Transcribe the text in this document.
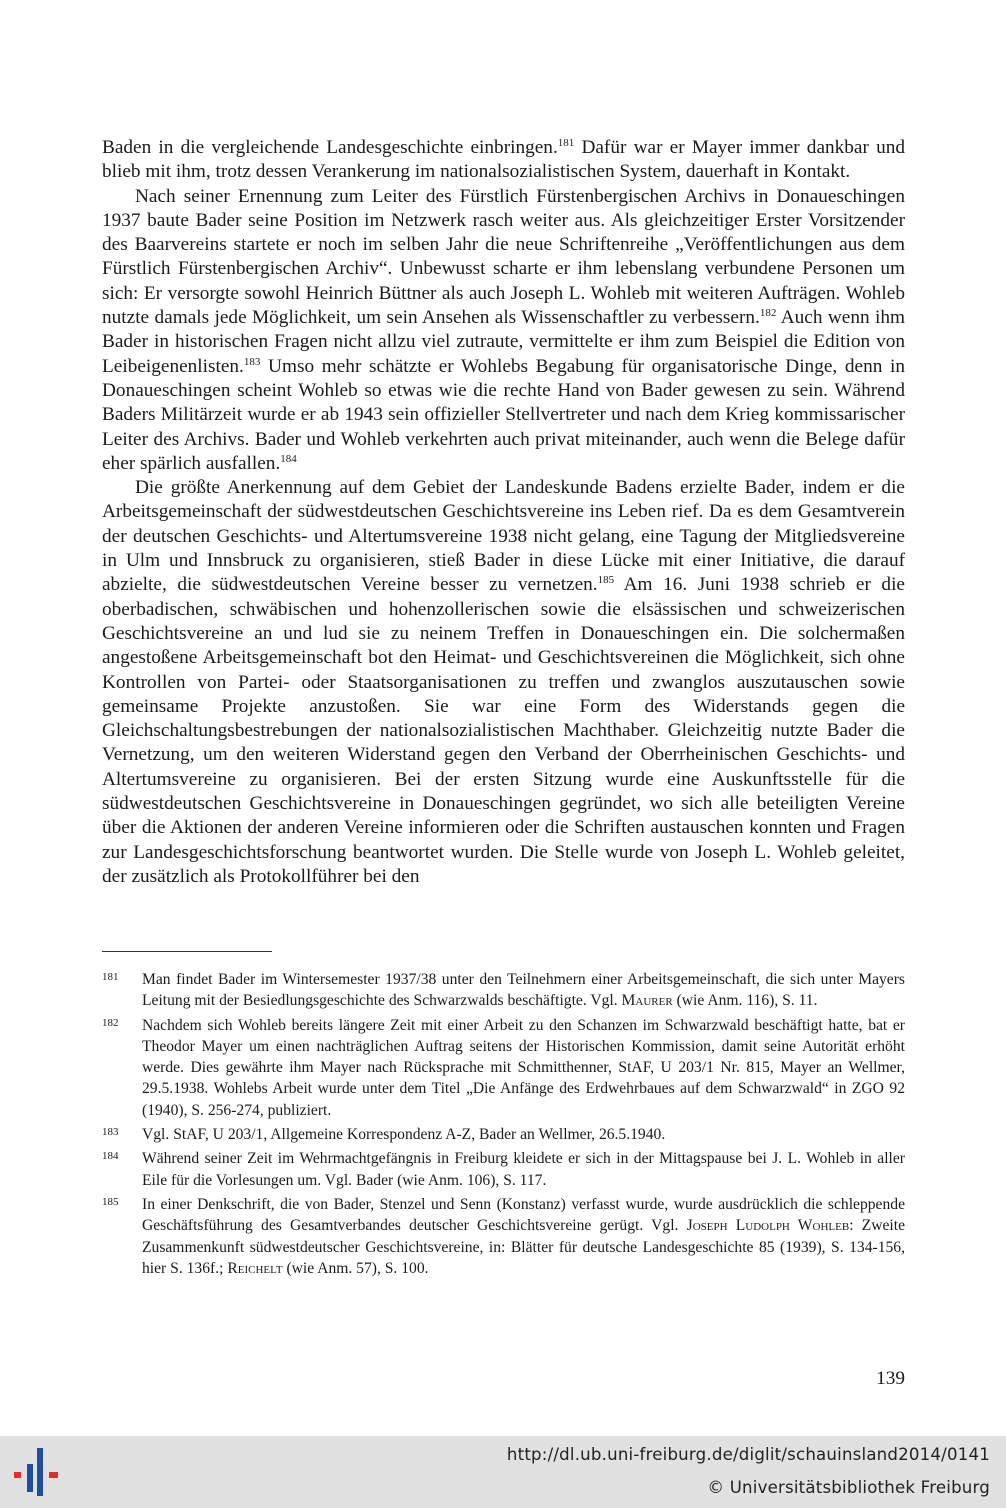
Baden in die vergleichende Landesgeschichte einbringen.$^{181}$ Dafür war er Mayer immer dankbar und blieb mit ihm, trotz dessen Verankerung im nationalsozialistischen System, dauerhaft in Kontakt.

Nach seiner Ernennung zum Leiter des Fürstlich Fürstenbergischen Archivs in Donaueschingen 1937 baute Bader seine Position im Netzwerk rasch weiter aus. Als gleichzeitiger Erster Vorsitzender des Baarvereins startete er noch im selben Jahr die neue Schriftenreihe „Veröffentlichungen aus dem Fürstlich Fürstenbergischen Archiv“. Unbewusst scharte er ihm lebenslang verbundene Personen um sich: Er versorgte sowohl Heinrich Büttner als auch Joseph L. Wohleb mit weiteren Aufträgen. Wohleb nutzte damals jede Möglichkeit, um sein Ansehen als Wissenschaftler zu verbessern.$^{182}$ Auch wenn ihm Bader in historischen Fragen nicht allzu viel zutraute, vermittelte er ihm zum Beispiel die Edition von Leibeigenenlisten.$^{183}$ Umso mehr schätzte er Wohlebs Begabung für organisatorische Dinge, denn in Donaueschingen scheint Wohleb so etwas wie die rechte Hand von Bader gewesen zu sein. Während Baders Militärzeit wurde er ab 1943 sein offizieller Stellvertreter und nach dem Krieg kommissarischer Leiter des Archivs. Bader und Wohleb verkehrten auch privat miteinander, auch wenn die Belege dafür eher spärlich ausfallen.$^{184}$

Die größte Anerkennung auf dem Gebiet der Landeskunde Badens erzielte Bader, indem er die Arbeitsgemeinschaft der südwestdeutschen Geschichtsvereine ins Leben rief. Da es dem Gesamtverein der deutschen Geschichts- und Altertumsvereine 1938 nicht gelang, eine Tagung der Mitgliedsvereine in Ulm und Innsbruck zu organisieren, stieß Bader in diese Lücke mit einer Initiative, die darauf abzielte, die südwestdeutschen Vereine besser zu vernetzen.$^{185}$ Am 16. Juni 1938 schrieb er die oberbadischen, schwäbischen und hohenzollerischen sowie die elsässischen und schweizerischen Geschichtsvereine an und lud sie zu neinem Treffen in Donaueschingen ein. Die solchermaßen angestoßene Arbeitsgemeinschaft bot den Heimat- und Geschichtsvereinen die Möglichkeit, sich ohne Kontrollen von Partei- oder Staatsorganisationen zu treffen und zwanglos auszutauschen sowie gemeinsame Projekte anzustoßen. Sie war eine Form des Widerstands gegen die Gleichschaltungsbestrebungen der nationalsozialistischen Machthaber. Gleichzeitig nutzte Bader die Vernetzung, um den weiteren Widerstand gegen den Verband der Oberrheinischen Geschichts- und Altertumsvereine zu organisieren. Bei der ersten Sitzung wurde eine Auskunftsstelle für die südwestdeutschen Geschichtsvereine in Donaueschingen gegründet, wo sich alle beteiligten Vereine über die Aktionen der anderen Vereine informieren oder die Schriften austauschen konnten und Fragen zur Landesgeschichtsforschung beantwortet wurden. Die Stelle wurde von Joseph L. Wohleb geleitet, der zusätzlich als Protokollführer bei den

181 Man findet Bader im Wintersemester 1937/38 unter den Teilnehmern einer Arbeitsgemeinschaft, die sich unter Mayers Leitung mit der Besiedlungsgeschichte des Schwarzwalds beschäftigte. Vgl. Maurer (wie Anm. 116), S. 11.
182 Nachdem sich Wohleb bereits längere Zeit mit einer Arbeit zu den Schanzen im Schwarzwald beschäftigt hatte, bat er Theodor Mayer um einen nachträglichen Auftrag seitens der Historischen Kommission, damit seine Autorität erhöht werde. Dies gewährte ihm Mayer nach Rücksprache mit Schmitthenner, StAF, U 203/1 Nr. 815, Mayer an Wellmer, 29.5.1938. Wohlebs Arbeit wurde unter dem Titel „Die Anfänge des Erdwehrbaues auf dem Schwarzwald“ in ZGO 92 (1940), S. 256-274, publiziert.
183 Vgl. StAF, U 203/1, Allgemeine Korrespondenz A-Z, Bader an Wellmer, 26.5.1940.
184 Während seiner Zeit im Wehrmachtgefängnis in Freiburg kleidete er sich in der Mittagspause bei J. L. Wohleb in aller Eile für die Vorlesungen um. Vgl. Bader (wie Anm. 106), S. 117.
185 In einer Denkschrift, die von Bader, Stenzel und Senn (Konstanz) verfasst wurde, wurde ausdrücklich die schleppende Geschäftsführung des Gesamtverbandes deutscher Geschichtsvereine gerügt. Vgl. Joseph Ludolph Wohleb: Zweite Zusammenkunft südwestdeutscher Geschichtsvereine, in: Blätter für deutsche Landesgeschichte 85 (1939), S. 134-156, hier S. 136f.; Reichelt (wie Anm. 57), S. 100.
139
http://dl.ub.uni-freiburg.de/diglit/schauinsland2014/0141
© Universitätsbibliothek Freiburg
